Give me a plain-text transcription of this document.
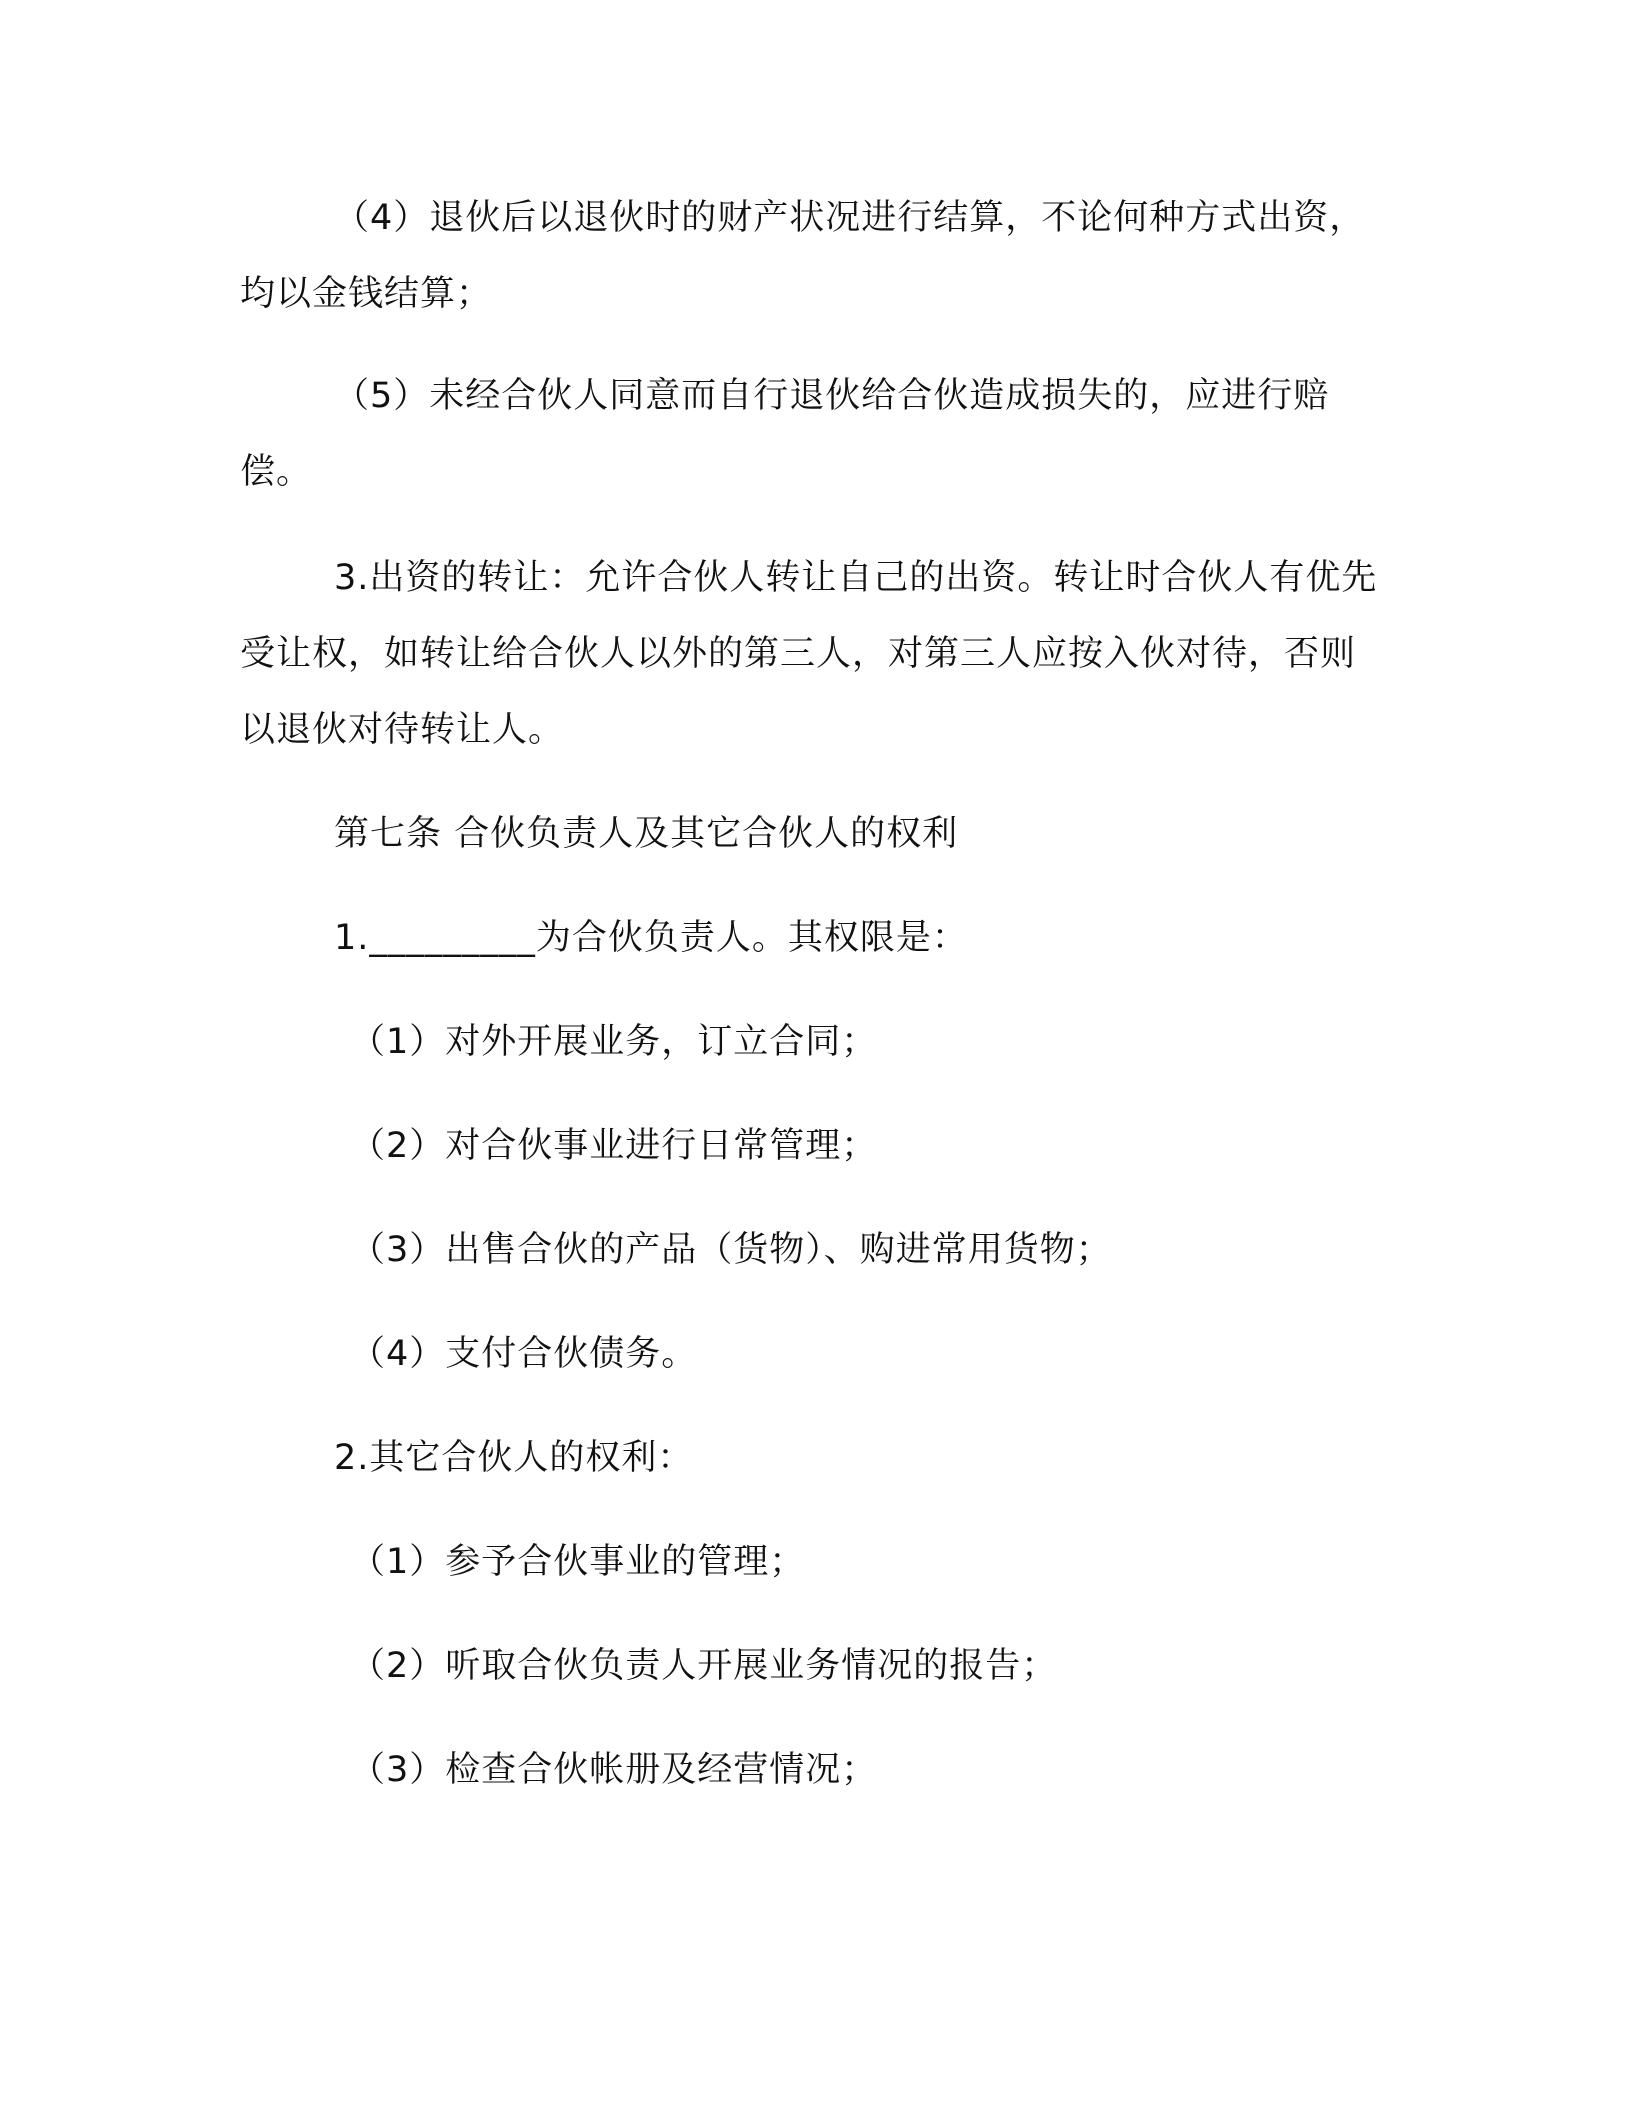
（4）退伙后以退伙时的财产状况进行结算，不论何种方式出资，均以金钱结算；

（5）未经合伙人同意而自行退伙给合伙造成损失的，应进行赔偿。

3.出资的转让：允许合伙人转让自己的出资。转让时合伙人有优先受让权，如转让给合伙人以外的第三人，对第三人应按入伙对待，否则以退伙对待转让人。

第七条 合伙负责人及其它合伙人的权利

1._________为合伙负责人。其权限是：

（1）对外开展业务，订立合同；

（2）对合伙事业进行日常管理；

（3）出售合伙的产品（货物）、购进常用货物；

（4）支付合伙债务。

2.其它合伙人的权利：

（1）参予合伙事业的管理；

（2）听取合伙负责人开展业务情况的报告；

（3）检查合伙帐册及经营情况；
